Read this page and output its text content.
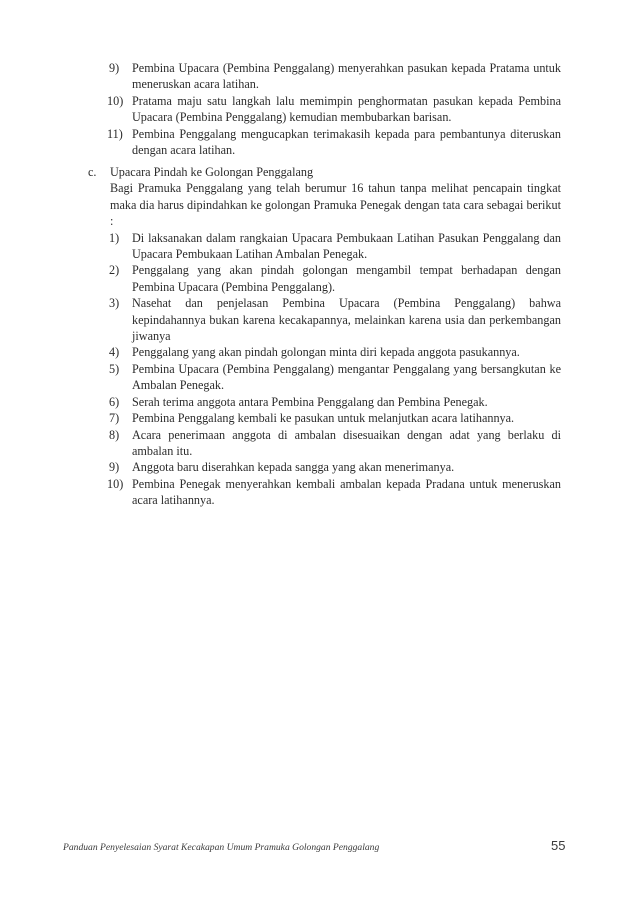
9) Pembina Upacara (Pembina Penggalang) menyerahkan pasukan kepada Pratama untuk meneruskan acara latihan.
10) Pratama maju satu langkah lalu memimpin penghormatan pasukan kepada Pembina Upacara (Pembina Penggalang) kemudian membubarkan barisan.
11) Pembina Penggalang mengucapkan terimakasih kepada para pembantunya diteruskan dengan acara latihan.
c. Upacara Pindah ke Golongan Penggalang

Bagi Pramuka Penggalang yang telah berumur 16 tahun tanpa melihat pencapain tingkat maka dia harus dipindahkan ke golongan Pramuka Penegak dengan tata cara sebagai berikut :

1) Di laksanakan dalam rangkaian Upacara Pembukaan Latihan Pasukan Penggalang dan Upacara Pembukaan Latihan Ambalan Penegak.
2) Penggalang yang akan pindah golongan mengambil tempat berhadapan dengan Pembina Upacara (Pembina Penggalang).
3) Nasehat dan penjelasan Pembina Upacara (Pembina Penggalang) bahwa kepindahannya bukan karena kecakapannya, melainkan karena usia dan perkembangan jiwanya
4) Penggalang yang akan pindah golongan minta diri kepada anggota pasukannya.
5) Pembina Upacara (Pembina Penggalang) mengantar Penggalang yang bersangkutan ke Ambalan Penegak.
6) Serah terima anggota antara Pembina Penggalang dan Pembina Penegak.
7) Pembina Penggalang kembali ke pasukan untuk melanjutkan acara latihannya.
8) Acara penerimaan anggota di ambalan disesuaikan dengan adat yang berlaku di ambalan itu.
9) Anggota baru diserahkan kepada sangga yang akan menerimanya.
10) Pembina Penegak menyerahkan kembali ambalan kepada Pradana untuk meneruskan acara latihannya.
Panduan Penyelesaian Syarat Kecakapan Umum Pramuka Golongan Penggalang	55
